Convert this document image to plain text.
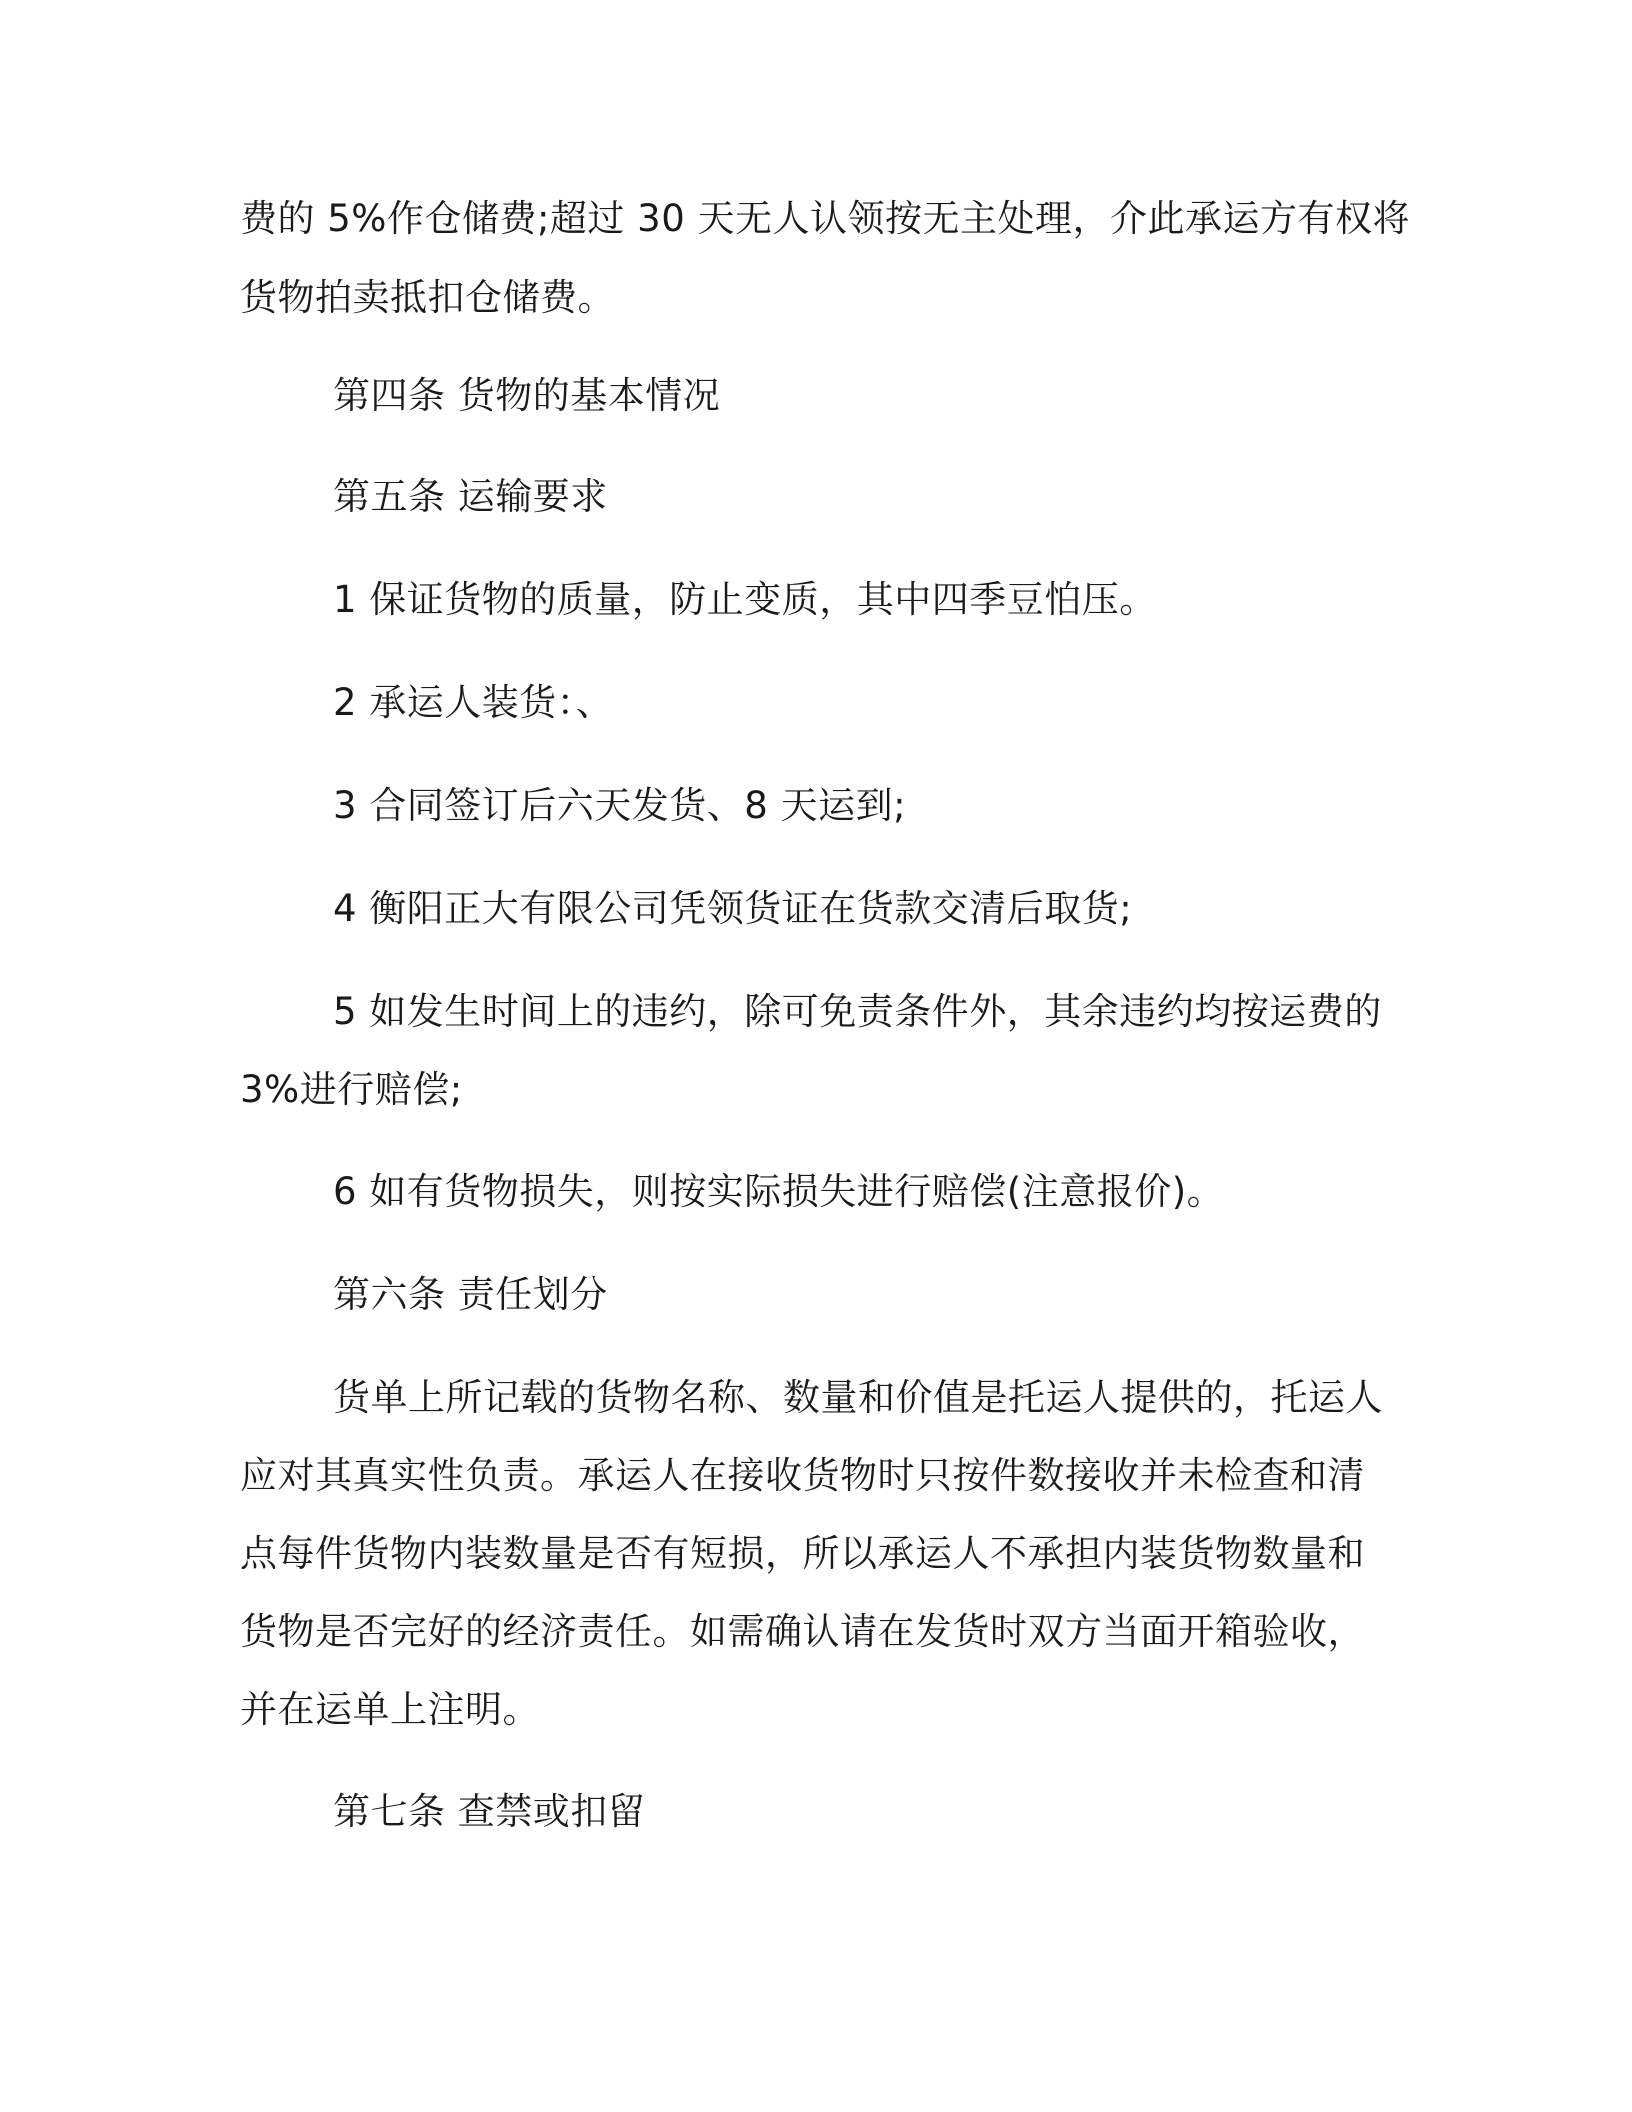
费的 5%作仓储费;超过 30 天无人认领按无主处理，介此承运方有权将
货物拍卖抵扣仓储费。
第四条 货物的基本情况
第五条 运输要求
1 保证货物的质量，防止变质，其中四季豆怕压。
2 承运人装货：、
3 合同签订后六天发货、8 天运到;
4 衡阳正大有限公司凭领货证在货款交清后取货;
5 如发生时间上的违约，除可免责条件外，其余违约均按运费的
3%进行赔偿;
6 如有货物损失，则按实际损失进行赔偿(注意报价)。
第六条 责任划分
货单上所记载的货物名称、数量和价值是托运人提供的，托运人
应对其真实性负责。承运人在接收货物时只按件数接收并未检查和清
点每件货物内装数量是否有短损，所以承运人不承担内装货物数量和
货物是否完好的经济责任。如需确认请在发货时双方当面开箱验收，
并在运单上注明。
第七条 查禁或扣留
